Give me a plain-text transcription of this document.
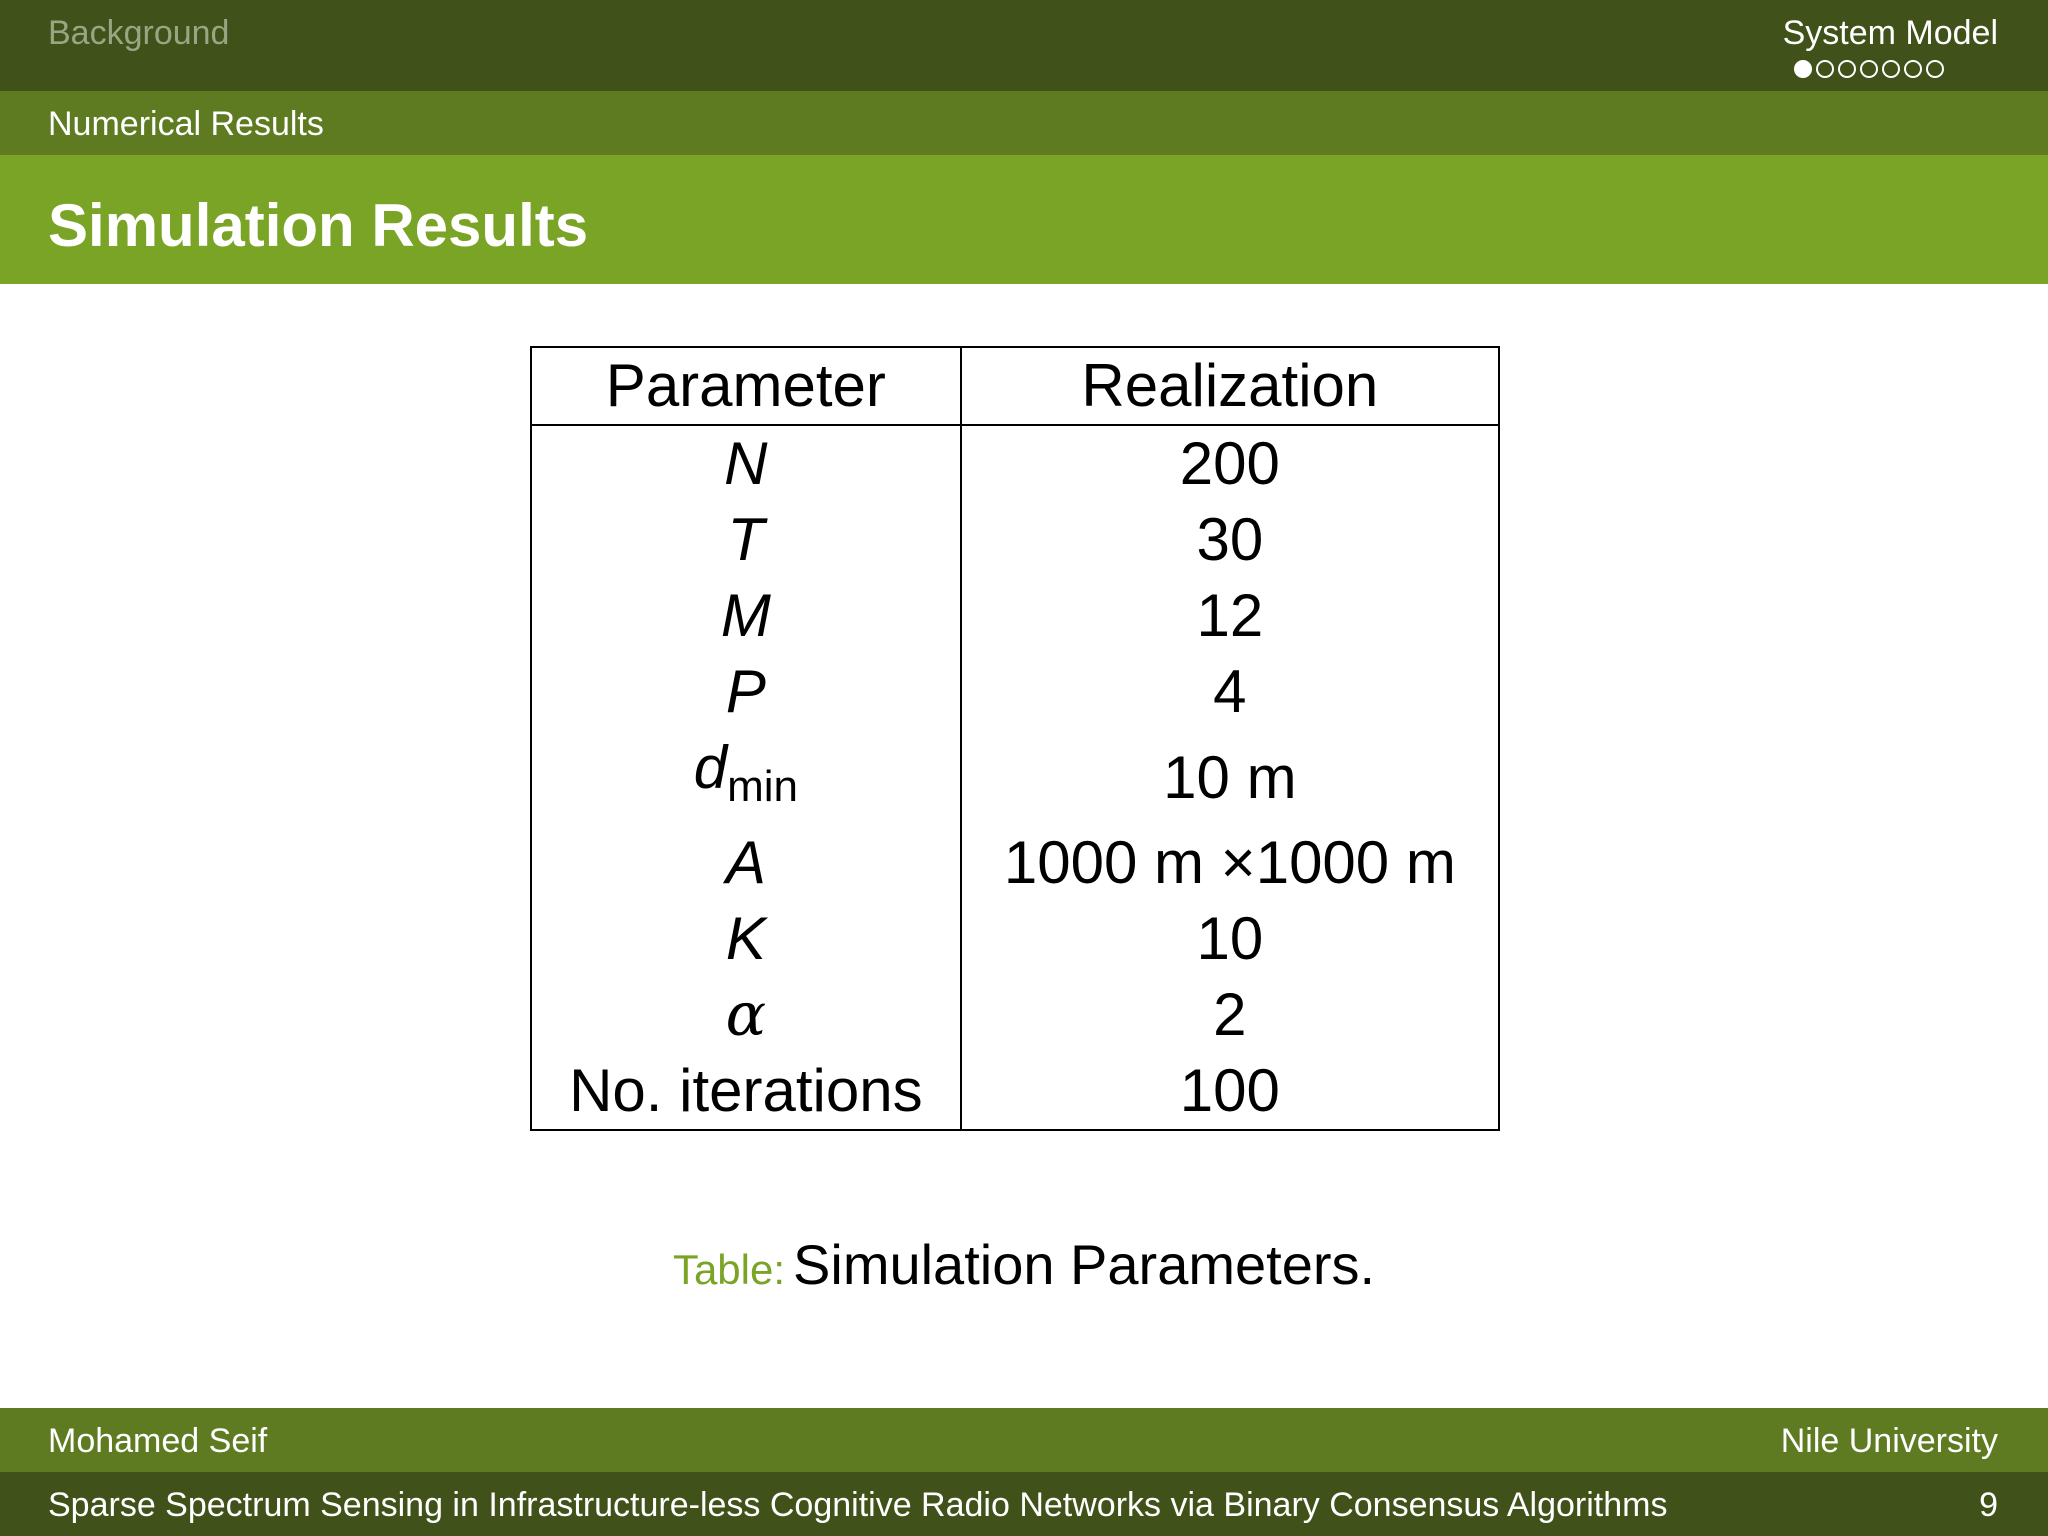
Background	System Model
Numerical Results
Simulation Results
Parameter	Realization
N	200
T	30
M	12
P	4
$d_{min}$	10 m
A	1000 m ×1000 m
K	10
α	2
No. iterations	100
Table: Simulation Parameters.
Mohamed Seif	Nile University
Sparse Spectrum Sensing in Infrastructure-less Cognitive Radio Networks via Binary Consensus Algorithms	9
